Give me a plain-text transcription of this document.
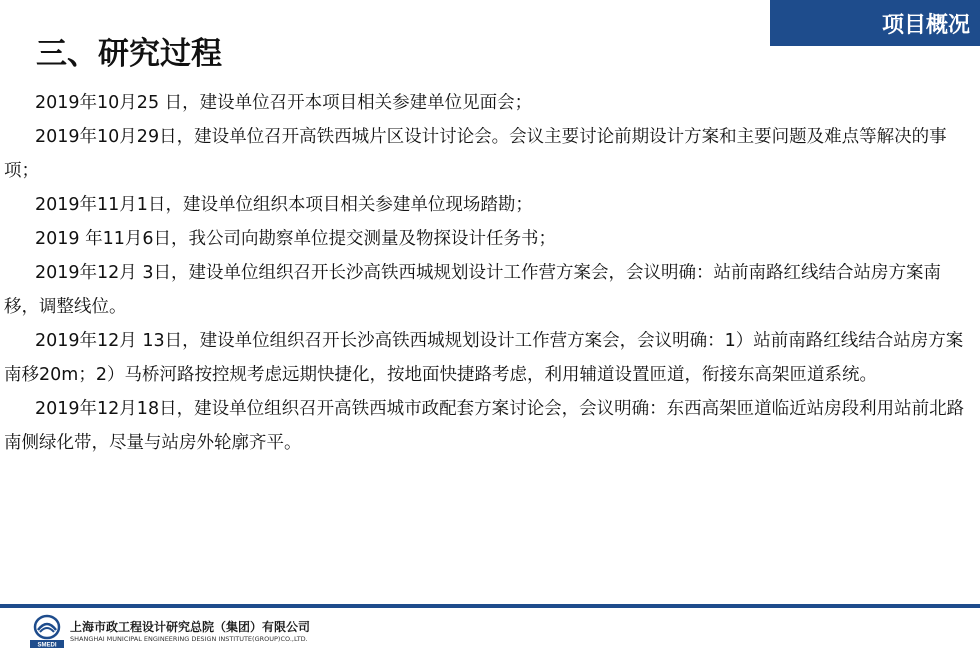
项目概况
三、研究过程

2019年10月25 日，建设单位召开本项目相关参建单位见面会；

2019年10月29日，建设单位召开高铁西城片区设计讨论会。会议主要讨论前期设计方案和主要问题及难点等解决的事项；

2019年11月1日，建设单位组织本项目相关参建单位现场踏勘；

2019 年11月6日，我公司向勘察单位提交测量及物探设计任务书；

2019年12月 3日，建设单位组织召开长沙高铁西城规划设计工作营方案会，会议明确：站前南路红线结合站房方案南移，调整线位。

2019年12月 13日，建设单位组织召开长沙高铁西城规划设计工作营方案会，会议明确：1）站前南路红线结合站房方案南移20m；2）马桥河路按控规考虑远期快捷化，按地面快捷路考虑，利用辅道设置匝道，衔接东高架匝道系统。

2019年12月18日，建设单位组织召开高铁西城市政配套方案讨论会，会议明确：东西高架匝道临近站房段利用站前北路南侧绿化带，尽量与站房外轮廓齐平。

SMEDI
上海市政工程设计研究总院（集团）有限公司
SHANGHAI MUNICIPAL ENGINEERING DESIGN INSTITUTE(GROUP)CO.,LTD.
